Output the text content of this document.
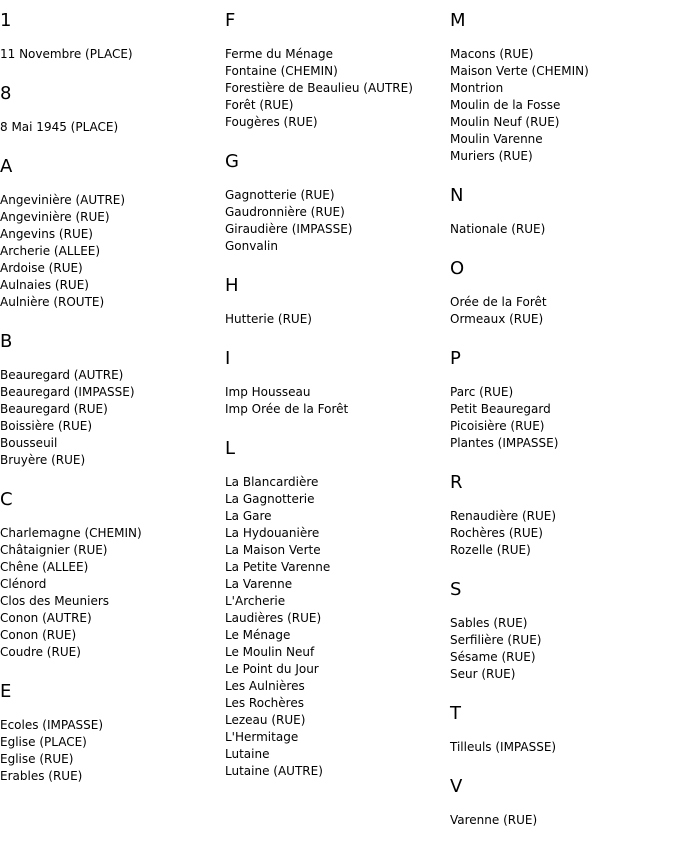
1
11 Novembre (PLACE)
8
8 Mai 1945 (PLACE)
A
Angevinière (AUTRE)
Angevinière (RUE)
Angevins (RUE)
Archerie (ALLEE)
Ardoise (RUE)
Aulnaies (RUE)
Aulnière (ROUTE)
B
Beauregard (AUTRE)
Beauregard (IMPASSE)
Beauregard (RUE)
Boissière (RUE)
Bousseuil
Bruyère (RUE)
C
Charlemagne (CHEMIN)
Châtaignier (RUE)
Chêne (ALLEE)
Clénord
Clos des Meuniers
Conon (AUTRE)
Conon (RUE)
Coudre (RUE)
E
Ecoles (IMPASSE)
Eglise (PLACE)
Eglise (RUE)
Erables (RUE)
F
Ferme du Ménage
Fontaine (CHEMIN)
Forestière de Beaulieu (AUTRE)
Forêt (RUE)
Fougères (RUE)
G
Gagnotterie (RUE)
Gaudronnière (RUE)
Giraudière (IMPASSE)
Gonvalin
H
Hutterie (RUE)
I
Imp Housseau
Imp Orée de la Forêt
L
La Blancardière
La Gagnotterie
La Gare
La Hydouanière
La Maison Verte
La Petite Varenne
La Varenne
L'Archerie
Laudières (RUE)
Le Ménage
Le Moulin Neuf
Le Point du Jour
Les Aulnières
Les Rochères
Lezeau (RUE)
L'Hermitage
Lutaine
Lutaine (AUTRE)
M
Macons (RUE)
Maison Verte (CHEMIN)
Montrion
Moulin de la Fosse
Moulin Neuf (RUE)
Moulin Varenne
Muriers (RUE)
N
Nationale (RUE)
O
Orée de la Forêt
Ormeaux (RUE)
P
Parc (RUE)
Petit Beauregard
Picoisière (RUE)
Plantes (IMPASSE)
R
Renaudière (RUE)
Rochères (RUE)
Rozelle (RUE)
S
Sables (RUE)
Serfilière (RUE)
Sésame (RUE)
Seur (RUE)
T
Tilleuls (IMPASSE)
V
Varenne (RUE)
